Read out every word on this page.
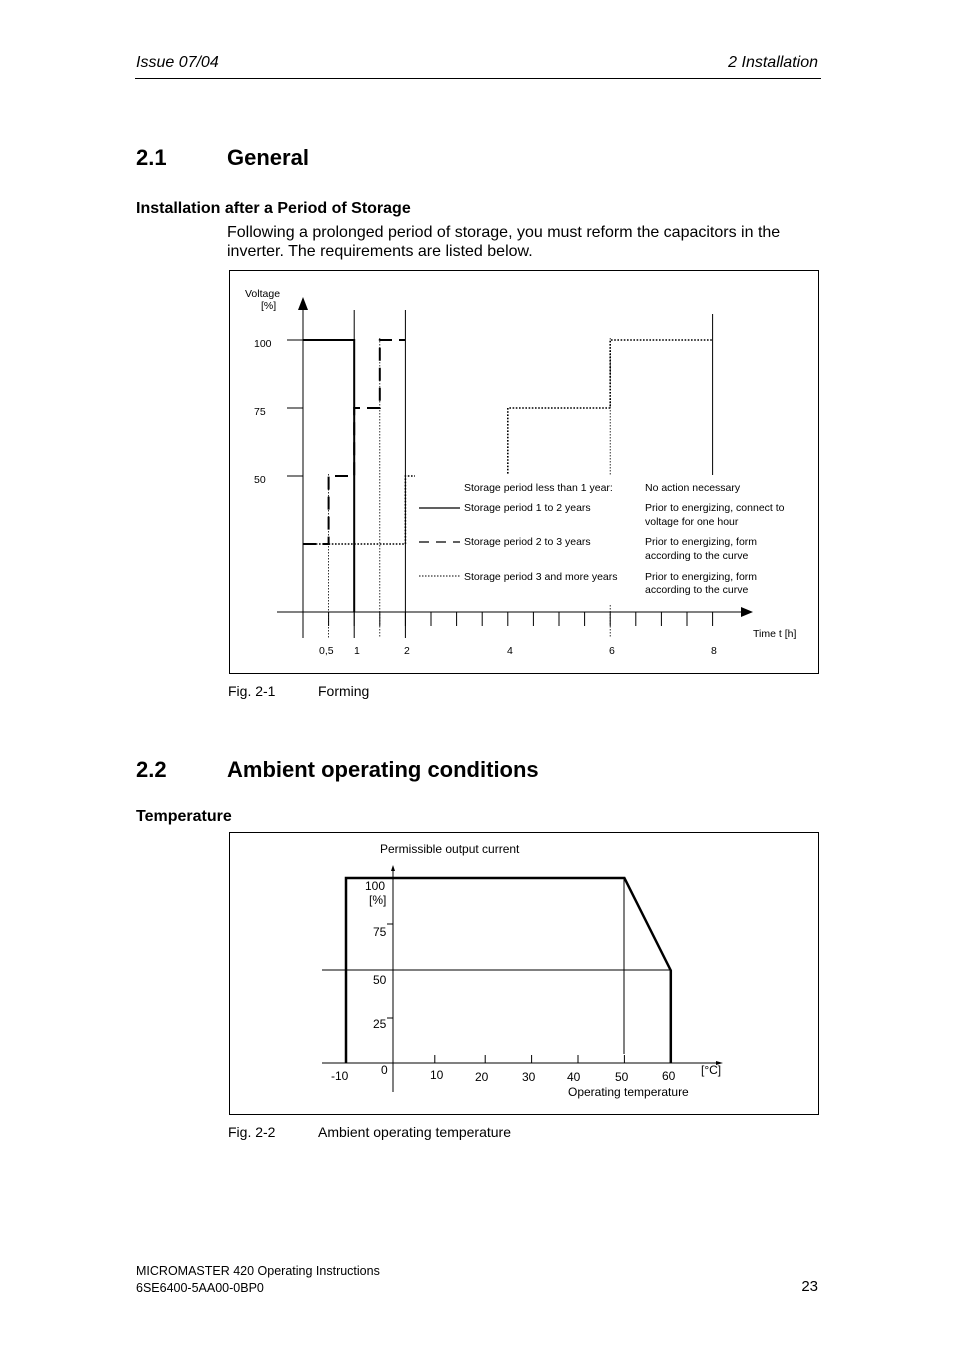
Issue 07/04	2 Installation
2.1	General
Installation after a Period of Storage
Following a prolonged period of storage, you must reform the capacitors in the
inverter. The requirements are listed below.
Voltage
[%]
100
75
50
Time t [h]
0,5 1	2	4	6	8
Storage period less than 1 year:	No action necessary
Storage period 1 to 2 years	Prior to energizing, connect to
voltage for one hour
Storage period 2 to 3 years	Prior to energizing, form
according to the curve
Storage period 3 and more years	Prior to energizing, form
according to the curve
Fig. 2-1	Forming
2.2	Ambient operating conditions
Temperature
Permissible output current
100
[%]
75
50
25
0
-10	10	20	30	40	50	60 [°C]
Operating temperature
Fig. 2-2	Ambient operating temperature
MICROMASTER 420 Operating Instructions
6SE6400-5AA00-0BP0	23
